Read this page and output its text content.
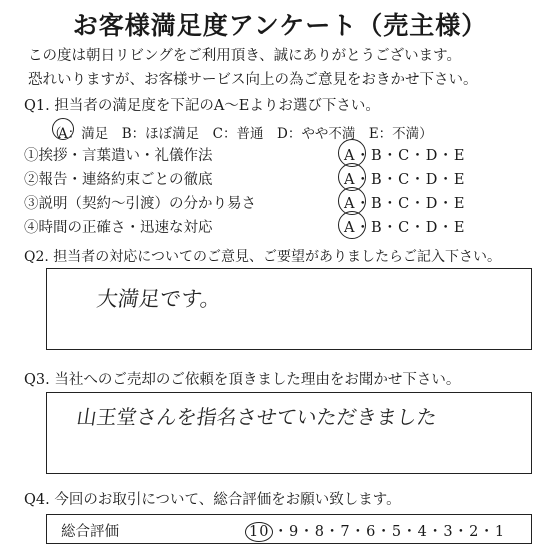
お客様満足度アンケート（売主様）
この度は朝日リビングをご利用頂き、誠にありがとうございます。
恐れいりますが、お客様サービス向上の為ご意見をおきかせ下さい。
Q1. 担当者の満足度を下記のA〜Eよりお選び下さい。
（A：満足　B：ほぼ満足　C：普通　D：やや不満　E：不満）
①挨拶・言葉遣い・礼儀作法	A・B・C・D・E
②報告・連絡約束ごとの徹底	A・B・C・D・E
③説明（契約〜引渡）の分かり易さ	A・B・C・D・E
④時間の正確さ・迅速な対応	A・B・C・D・E
Q2. 担当者の対応についてのご意見、ご要望がありましたらご記入下さい。
大満足です。
Q3. 当社へのご売却のご依頼を頂きました理由をお聞かせ下さい。
山王堂さんを指名させていただきました
Q4. 今回のお取引について、総合評価をお願い致します。
総合評価	10 ・9・8・7・6・5・4・3・2・1
